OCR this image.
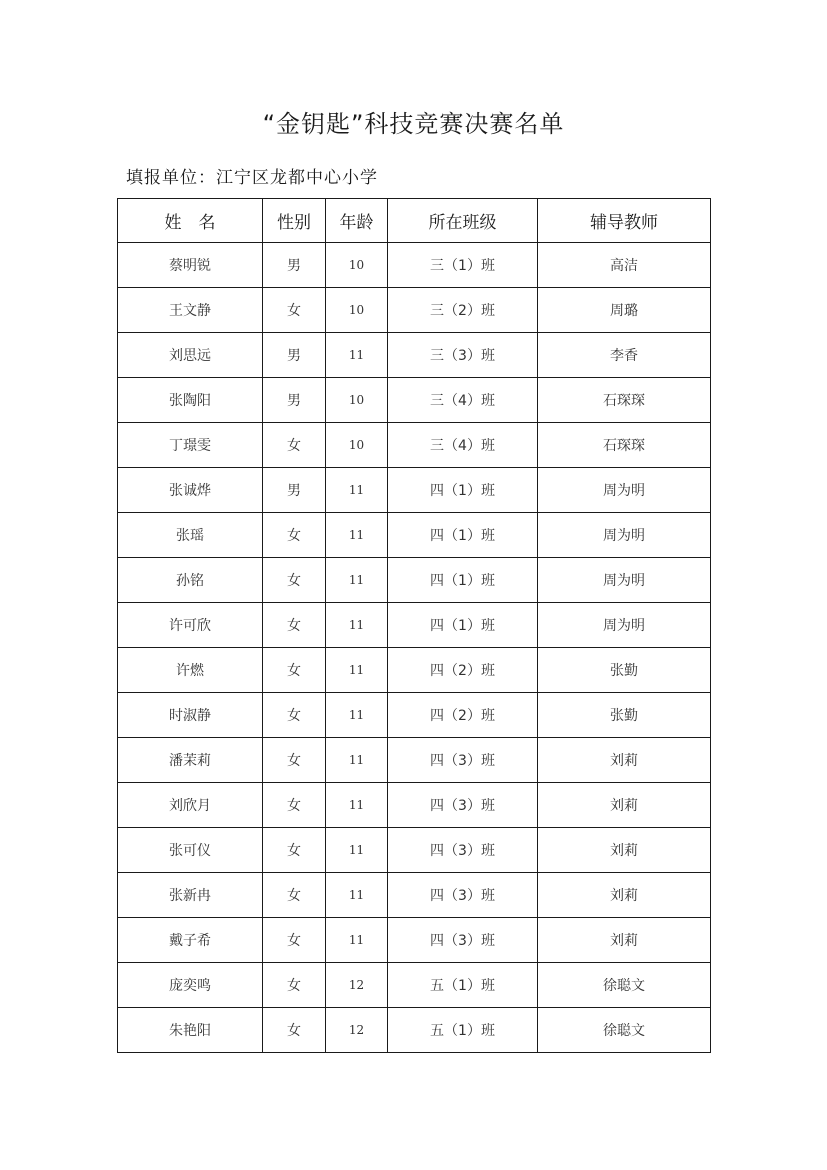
“金钥匙”科技竞赛决赛名单
填报单位：江宁区龙都中心小学
姓　名	性别	年龄	所在班级	辅导教师
蔡明锐	男	10	三（1）班	高洁
王文静	女	10	三（2）班	周璐
刘思远	男	11	三（3）班	李香
张陶阳	男	10	三（4）班	石琛琛
丁璟雯	女	10	三（4）班	石琛琛
张诚烨	男	11	四（1）班	周为明
张瑶	女	11	四（1）班	周为明
孙铭	女	11	四（1）班	周为明
许可欣	女	11	四（1）班	周为明
许燃	女	11	四（2）班	张勤
时淑静	女	11	四（2）班	张勤
潘茉莉	女	11	四（3）班	刘莉
刘欣月	女	11	四（3）班	刘莉
张可仪	女	11	四（3）班	刘莉
张新冉	女	11	四（3）班	刘莉
戴子希	女	11	四（3）班	刘莉
庞奕鸣	女	12	五（1）班	徐聪文
朱艳阳	女	12	五（1）班	徐聪文
